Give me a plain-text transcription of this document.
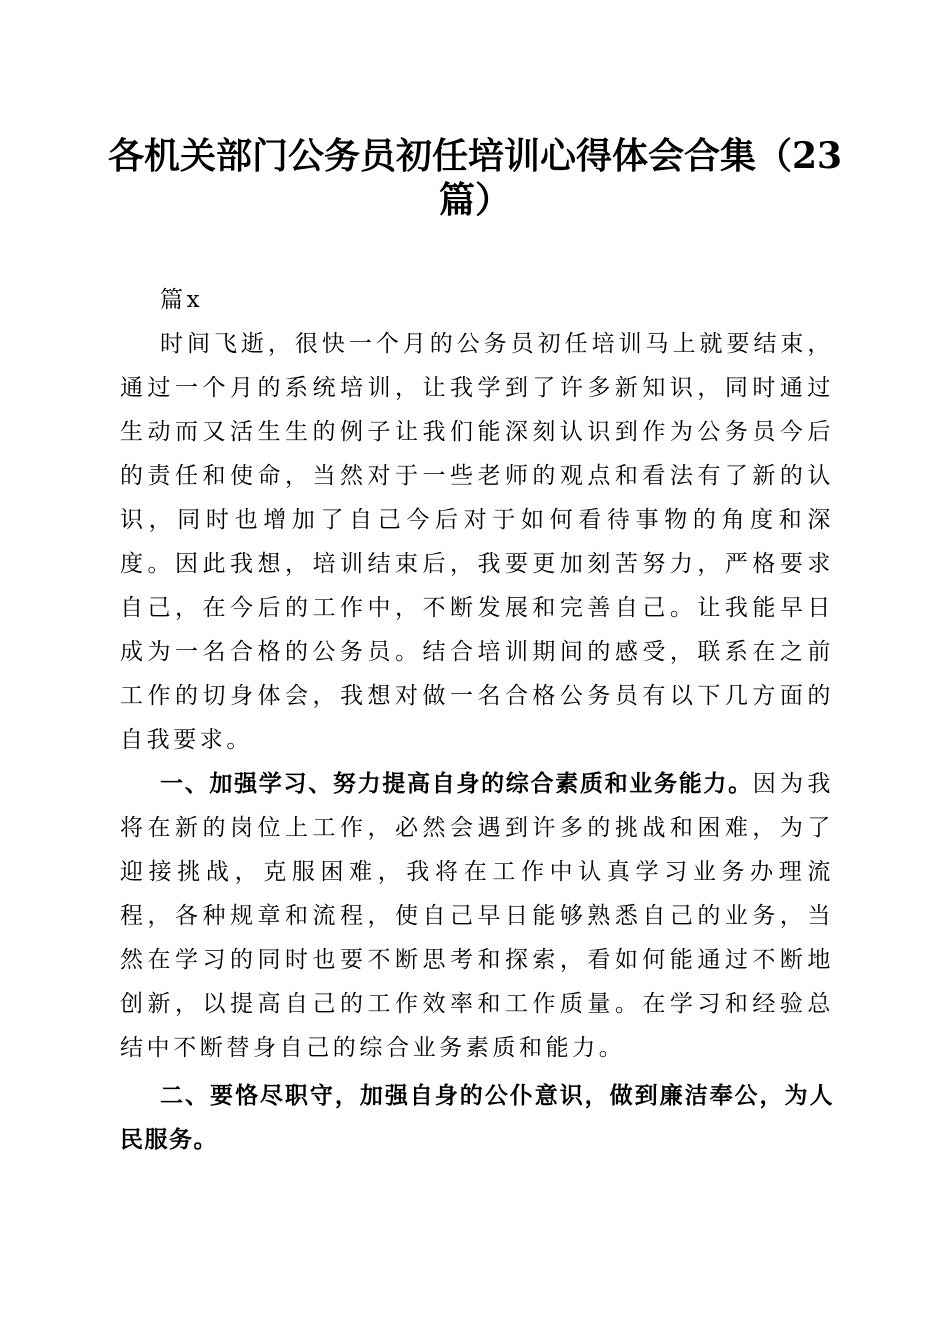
各机关部门公务员初任培训心得体会合集（23篇）

篇x

时间飞逝，很快一个月的公务员初任培训马上就要结束，通过一个月的系统培训，让我学到了许多新知识，同时通过生动而又活生生的例子让我们能深刻认识到作为公务员今后的责任和使命，当然对于一些老师的观点和看法有了新的认识，同时也增加了自己今后对于如何看待事物的角度和深度。因此我想，培训结束后，我要更加刻苦努力，严格要求自己，在今后的工作中，不断发展和完善自己。让我能早日成为一名合格的公务员。结合培训期间的感受，联系在之前工作的切身体会，我想对做一名合格公务员有以下几方面的自我要求。

一、加强学习、努力提高自身的综合素质和业务能力。因为我将在新的岗位上工作，必然会遇到许多的挑战和困难，为了迎接挑战，克服困难，我将在工作中认真学习业务办理流程，各种规章和流程，使自己早日能够熟悉自己的业务，当然在学习的同时也要不断思考和探索，看如何能通过不断地创新，以提高自己的工作效率和工作质量。在学习和经验总结中不断替身自己的综合业务素质和能力。

二、要恪尽职守，加强自身的公仆意识，做到廉洁奉公，为人民服务。
